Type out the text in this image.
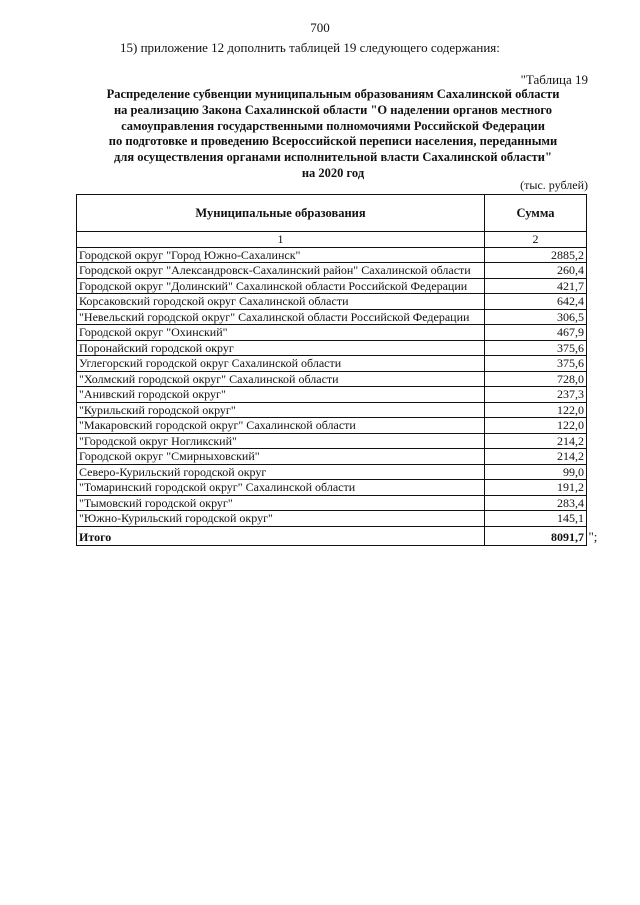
700
15) приложение 12 дополнить таблицей 19 следующего содержания:
"Таблица 19
Распределение субвенции муниципальным образованиям Сахалинской области
на реализацию Закона Сахалинской области "О наделении органов местного
самоуправления государственными полномочиями Российской Федерации
по подготовке и проведению Всероссийской переписи населения, переданными
для осуществления органами исполнительной власти Сахалинской области"
на 2020 год
(тыс. рублей)
Муниципальные образования	Сумма
1	2
Городской округ "Город Южно-Сахалинск"	2885,2
Городской округ "Александровск-Сахалинский район" Сахалинской области	260,4
Городской округ "Долинский" Сахалинской области Российской Федерации	421,7
Корсаковский городской округ Сахалинской области	642,4
"Невельский городской округ" Сахалинской области Российской Федерации	306,5
Городской округ "Охинский"	467,9
Поронайский городской округ	375,6
Углегорский городской округ Сахалинской области	375,6
"Холмский городской округ" Сахалинской области	728,0
"Анивский городской округ"	237,3
"Курильский городской округ"	122,0
"Макаровский городской округ" Сахалинской области	122,0
"Городской округ Ногликский"	214,2
Городской округ "Смирныховский"	214,2
Северо-Курильский городской округ	99,0
"Томаринский городской округ" Сахалинской области	191,2
"Тымовский городской округ"	283,4
"Южно-Курильский городской округ"	145,1
Итого	8091,7 ";
